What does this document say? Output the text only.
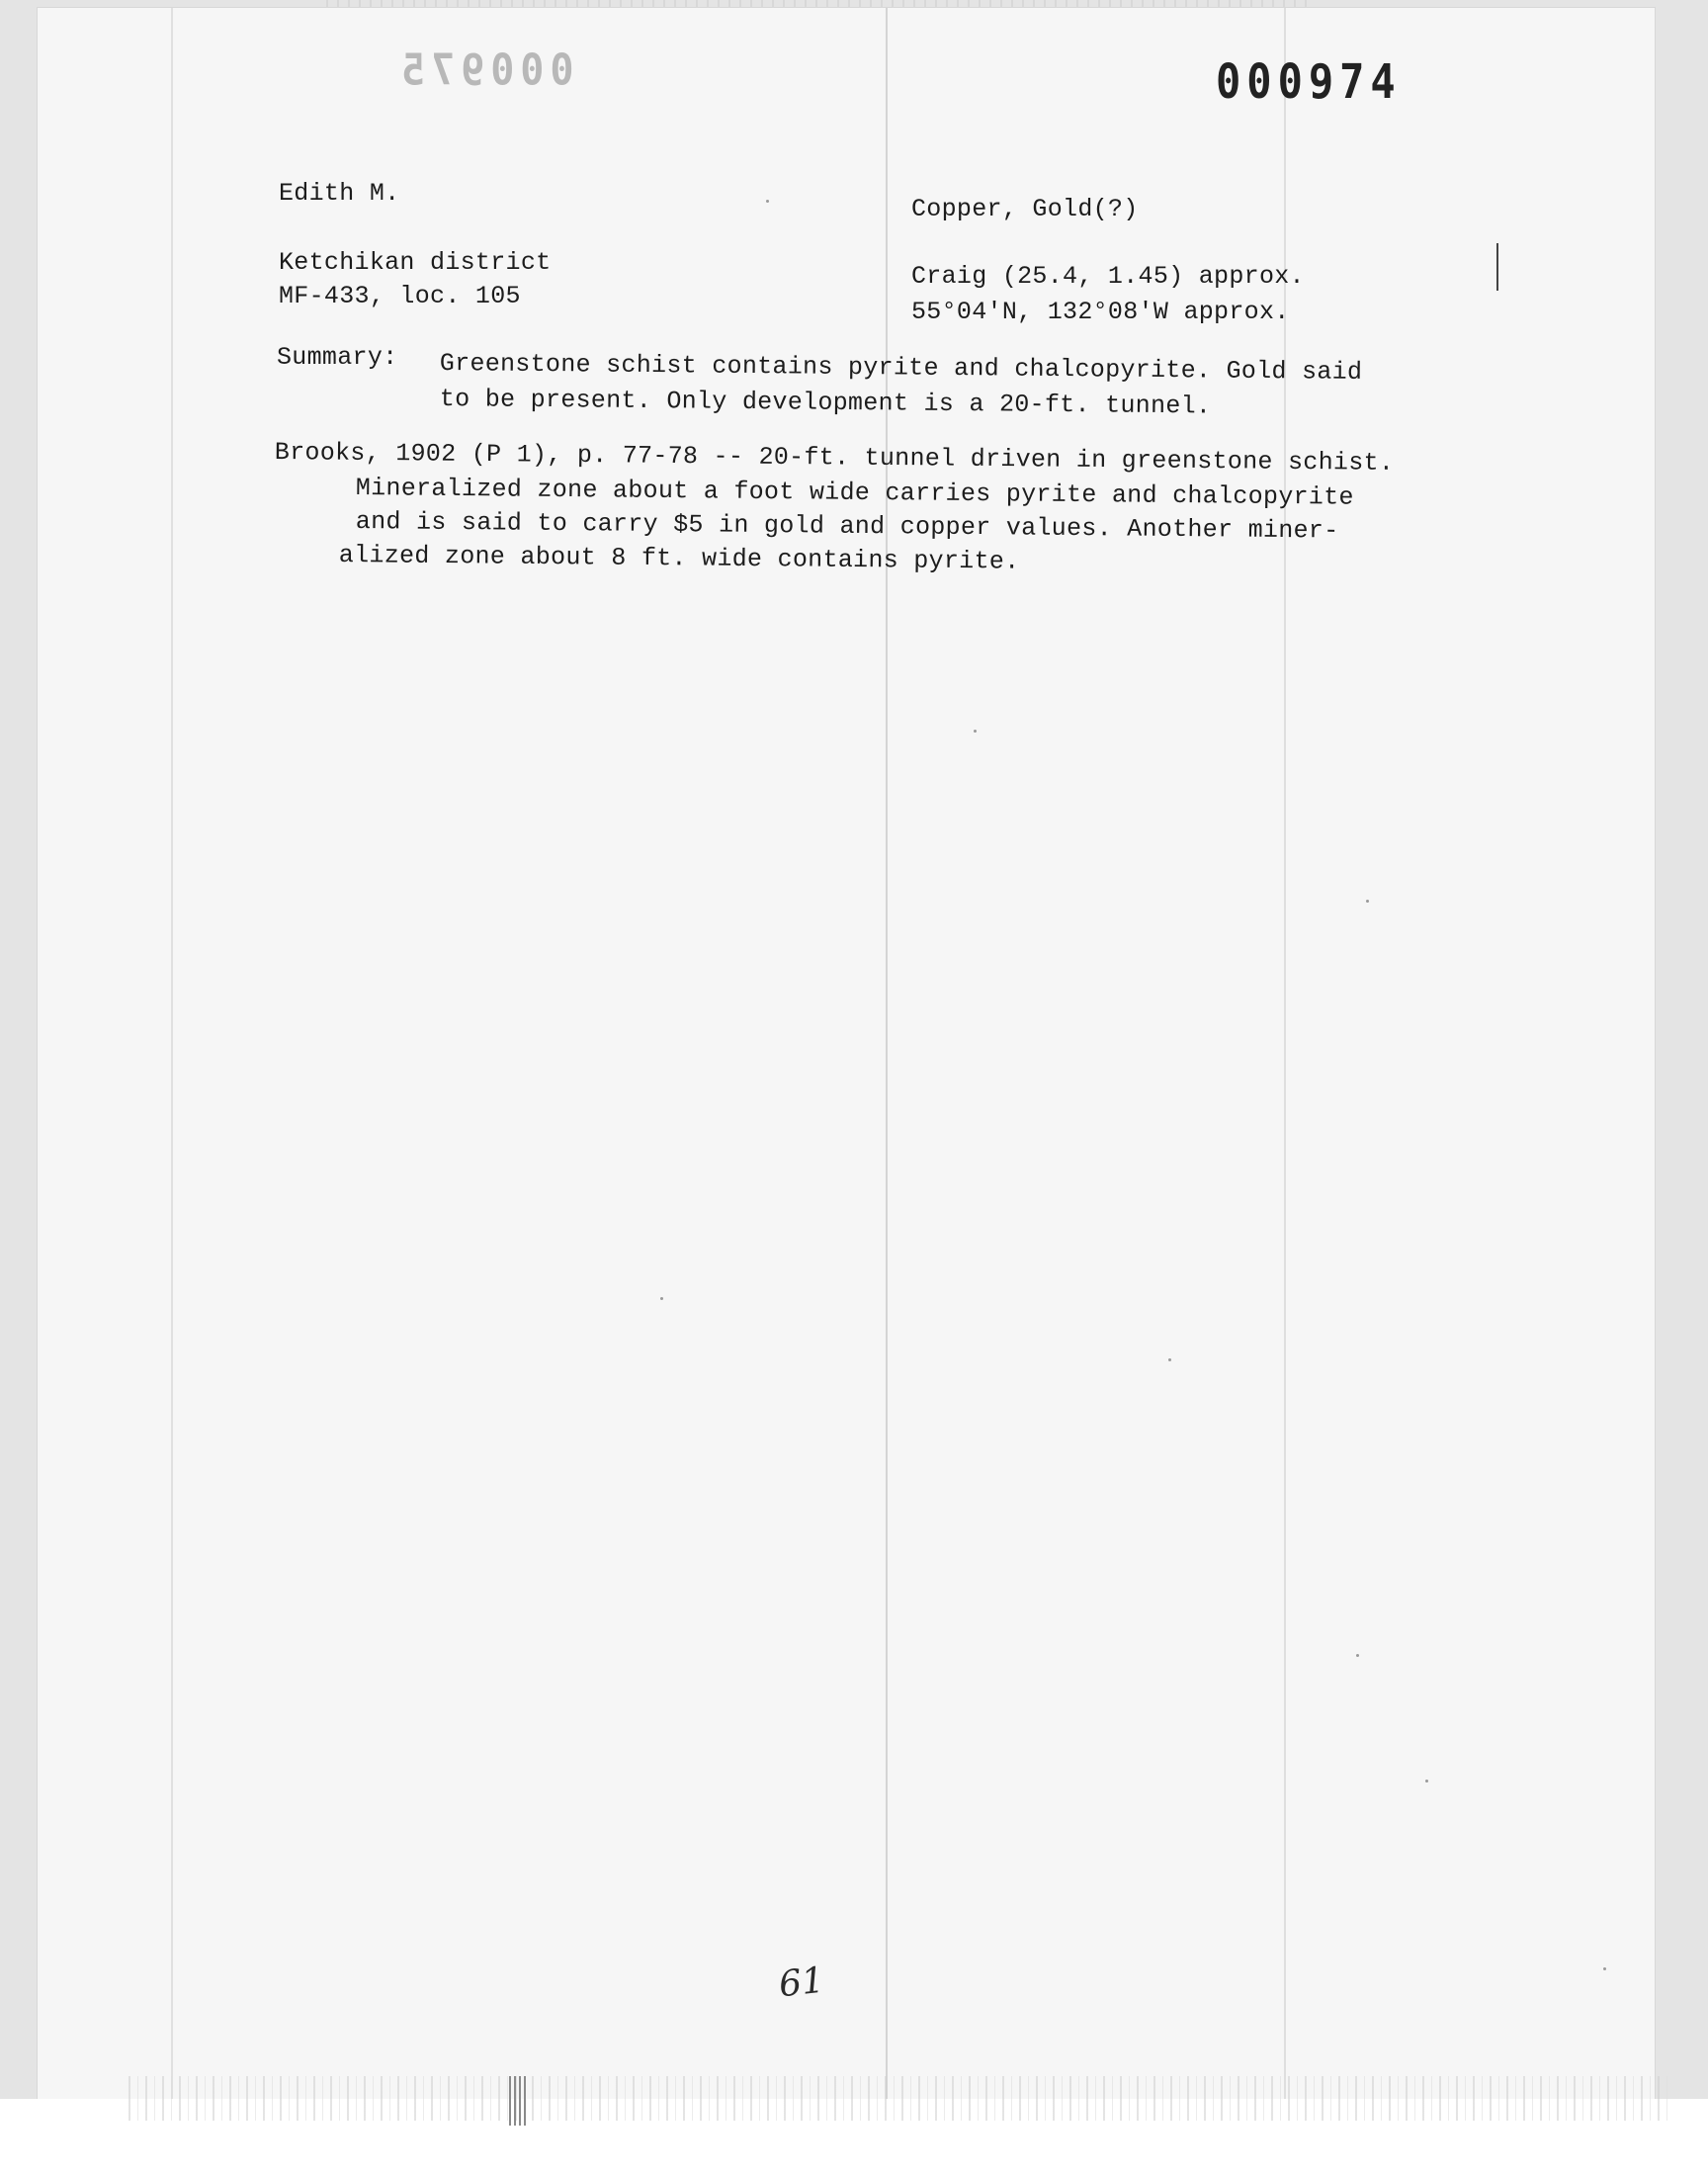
000975	000974
Edith M.
Copper, Gold(?)
Ketchikan district
MF-433, loc. 105
Craig (25.4, 1.45) approx.
55°04'N, 132°08'W approx.
Summary: Greenstone schist contains pyrite and chalcopyrite. Gold said
to be present. Only development is a 20-ft. tunnel.
Brooks, 1902 (P 1), p. 77-78 -- 20-ft. tunnel driven in greenstone schist.
Mineralized zone about a foot wide carries pyrite and chalcopyrite
and is said to carry $5 in gold and copper values. Another miner-
alized zone about 8 ft. wide contains pyrite.
61
